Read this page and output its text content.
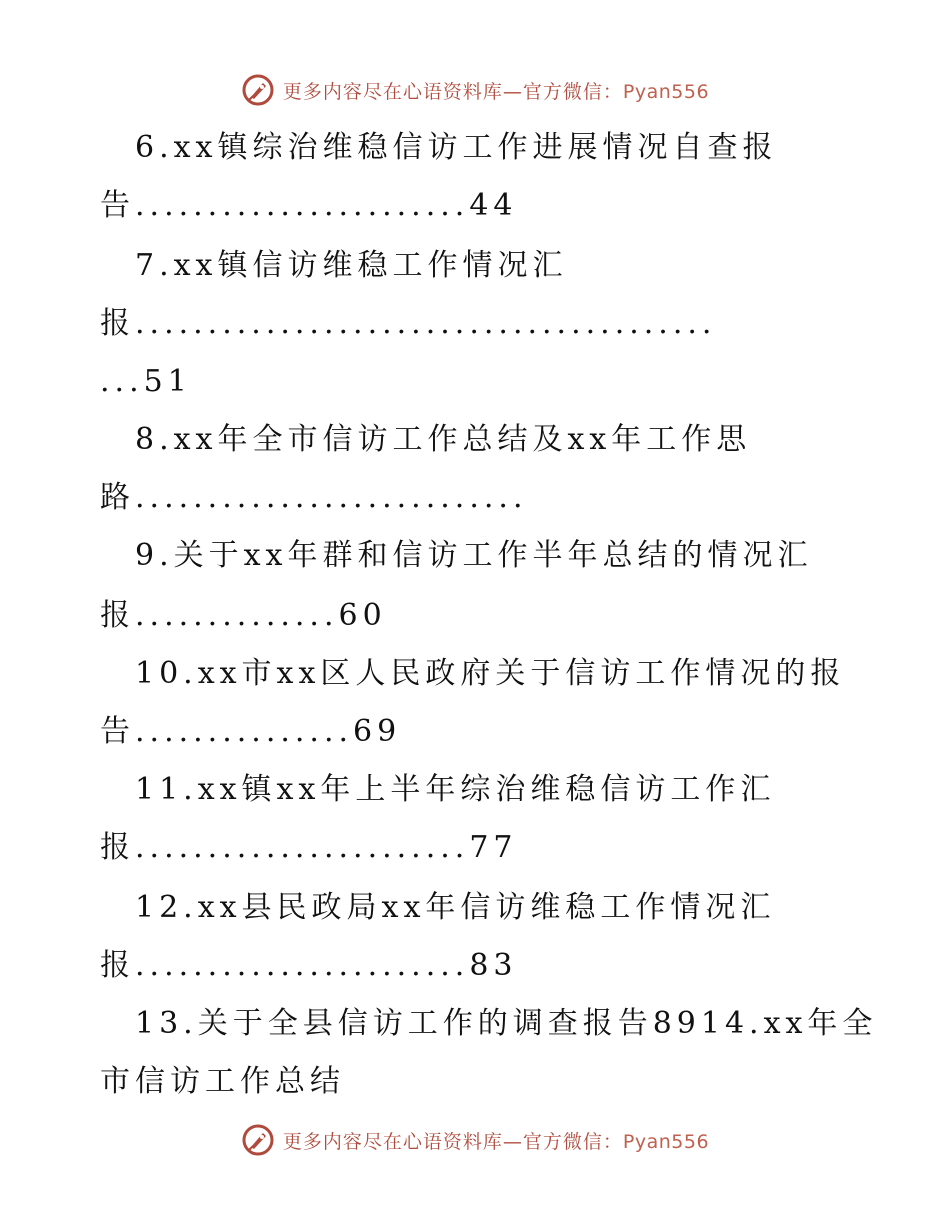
更多内容尽在心语资料库—官方微信：Pyan556
6.xx镇综治维稳信访工作进展情况自查报
告.......................44
7.xx镇信访维稳工作情况汇
报........................................
...51
8.xx年全市信访工作总结及xx年工作思
路...........................
9.关于xx年群和信访工作半年总结的情况汇
报..............60
10.xx市xx区人民政府关于信访工作情况的报
告...............69
11.xx镇xx年上半年综治维稳信访工作汇
报.......................77
12.xx县民政局xx年信访维稳工作情况汇
报.......................83
13.关于全县信访工作的调查报告8914.xx年全
市信访工作总结
更多内容尽在心语资料库—官方微信：Pyan556
